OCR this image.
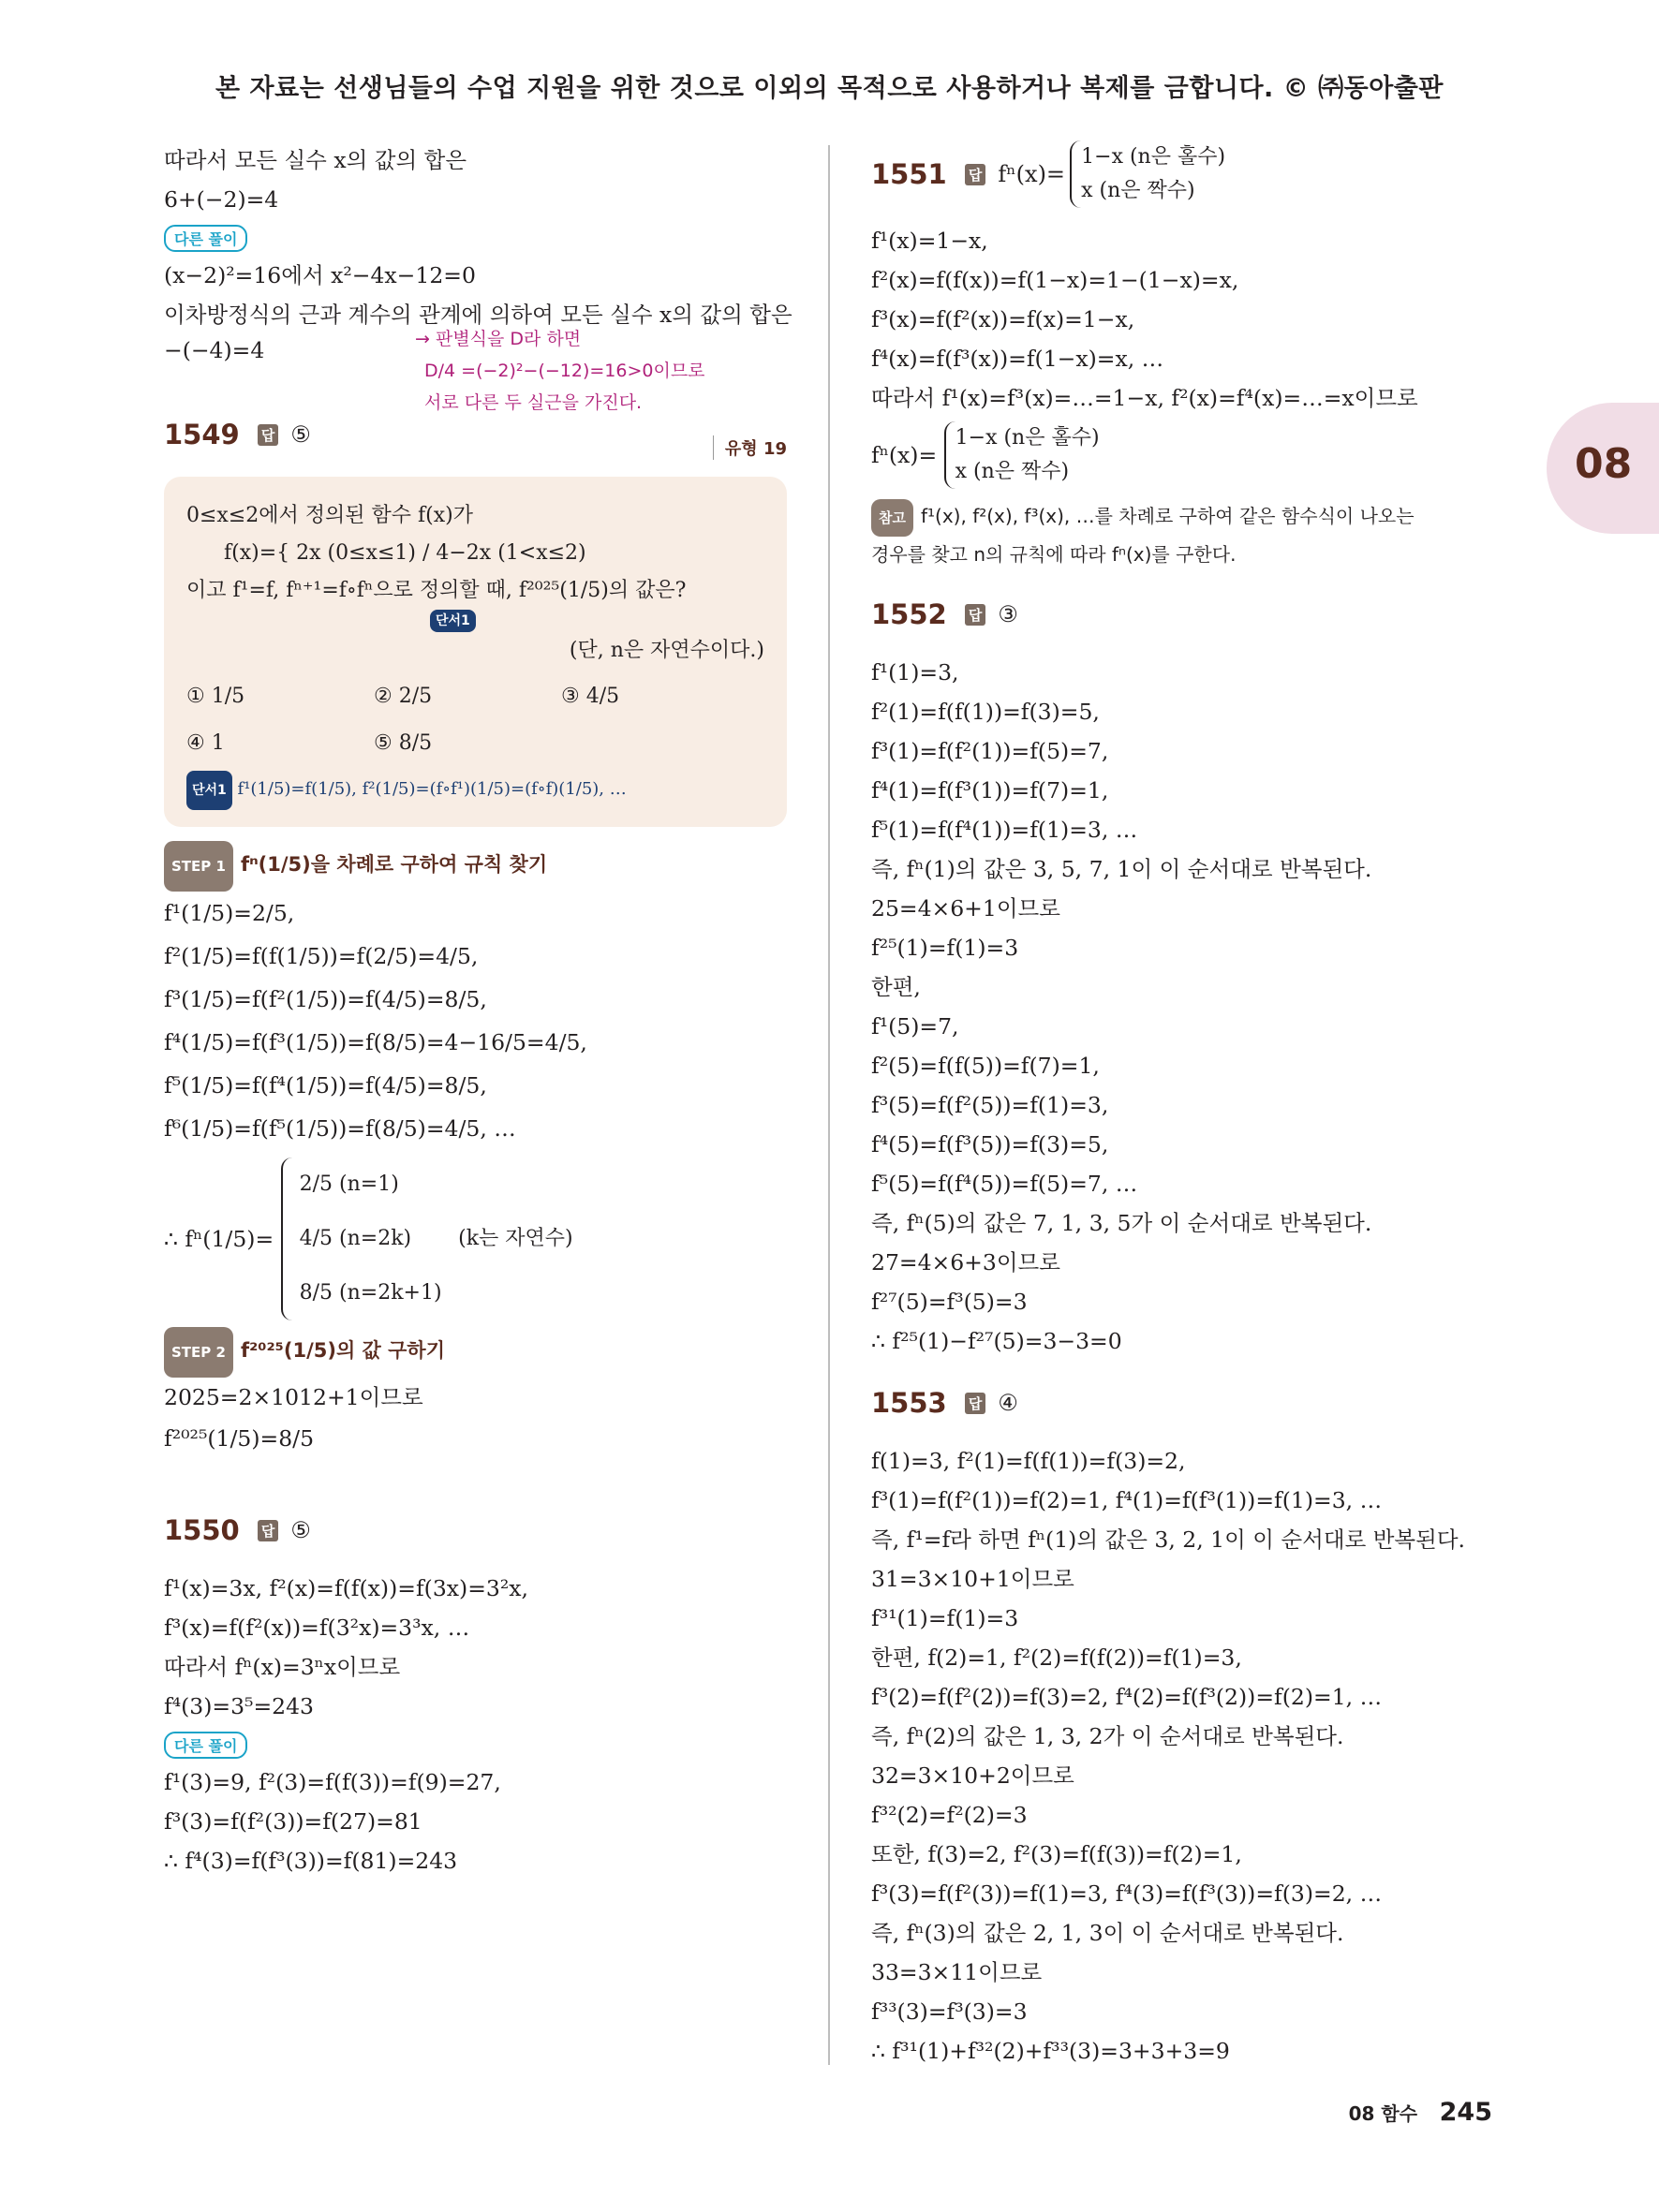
본 자료는 선생님들의 수업 지원을 위한 것으로 이외의 목적으로 사용하거나 복제를 금합니다. © ㈜동아출판
08
따라서 모든 실수 x의 값의 합은
6+(−2)=4
다른 풀이
(x−2)²=16에서 x²−4x−12=0
이차방정식의 근과 계수의 관계에 의하여 모든 실수 x의 값의 합은
−(−4)=4	→ 판별식을 D라 하면
D/4 =(−2)²−(−12)=16>0이므로
서로 다른 두 실근을 가진다.
1549 답 ⑤
유형 19
0≤x≤2에서 정의된 함수 f(x)가
f(x)={ 2x (0≤x≤1) / 4−2x (1<x≤2)
이고 f¹=f, fⁿ⁺¹=f∘fⁿ으로 정의할 때, f²⁰²⁵(1/5)의 값은?
단서1
(단, n은 자연수이다.)
① 1/5	② 2/5	③ 4/5
④ 1	⑤ 8/5
단서1 f¹(1/5)=f(1/5), f²(1/5)=(f∘f¹)(1/5)=(f∘f)(1/5), …
STEP 1 fⁿ(1/5)을 차례로 구하여 규칙 찾기
f¹(1/5)=2/5,
f²(1/5)=f(f(1/5))=f(2/5)=4/5,
f³(1/5)=f(f²(1/5))=f(4/5)=8/5,
f⁴(1/5)=f(f³(1/5))=f(8/5)=4−16/5=4/5,
f⁵(1/5)=f(f⁴(1/5))=f(4/5)=8/5,
f⁶(1/5)=f(f⁵(1/5))=f(8/5)=4/5, …
∴ fⁿ(1/5)=
2/5 (n=1)
4/5 (n=2k) (k는 자연수)
8/5 (n=2k+1)
STEP 2 f²⁰²⁵(1/5)의 값 구하기
2025=2×1012+1이므로
f²⁰²⁵(1/5)=8/5
1550 답 ⑤
f¹(x)=3x, f²(x)=f(f(x))=f(3x)=3²x,
f³(x)=f(f²(x))=f(3²x)=3³x, …
따라서 fⁿ(x)=3ⁿx이므로
f⁴(3)=3⁵=243
다른 풀이
f¹(3)=9, f²(3)=f(f(3))=f(9)=27,
f³(3)=f(f²(3))=f(27)=81
∴ f⁴(3)=f(f³(3))=f(81)=243
1551 답 fⁿ(x)=
1−x (n은 홀수)
x (n은 짝수)
f¹(x)=1−x,
f²(x)=f(f(x))=f(1−x)=1−(1−x)=x,
f³(x)=f(f²(x))=f(x)=1−x,
f⁴(x)=f(f³(x))=f(1−x)=x, …
따라서 f¹(x)=f³(x)=…=1−x, f²(x)=f⁴(x)=…=x이므로
fⁿ(x)=
1−x (n은 홀수)
x (n은 짝수)
참고 f¹(x), f²(x), f³(x), …를 차례로 구하여 같은 함수식이 나오는
경우를 찾고 n의 규칙에 따라 fⁿ(x)를 구한다.
1552 답 ③
f¹(1)=3,
f²(1)=f(f(1))=f(3)=5,
f³(1)=f(f²(1))=f(5)=7,
f⁴(1)=f(f³(1))=f(7)=1,
f⁵(1)=f(f⁴(1))=f(1)=3, …
즉, fⁿ(1)의 값은 3, 5, 7, 1이 이 순서대로 반복된다.
25=4×6+1이므로
f²⁵(1)=f(1)=3
한편,
f¹(5)=7,
f²(5)=f(f(5))=f(7)=1,
f³(5)=f(f²(5))=f(1)=3,
f⁴(5)=f(f³(5))=f(3)=5,
f⁵(5)=f(f⁴(5))=f(5)=7, …
즉, fⁿ(5)의 값은 7, 1, 3, 5가 이 순서대로 반복된다.
27=4×6+3이므로
f²⁷(5)=f³(5)=3
∴ f²⁵(1)−f²⁷(5)=3−3=0
1553 답 ④
f(1)=3, f²(1)=f(f(1))=f(3)=2,
f³(1)=f(f²(1))=f(2)=1, f⁴(1)=f(f³(1))=f(1)=3, …
즉, f¹=f라 하면 fⁿ(1)의 값은 3, 2, 1이 이 순서대로 반복된다.
31=3×10+1이므로
f³¹(1)=f(1)=3
한편, f(2)=1, f²(2)=f(f(2))=f(1)=3,
f³(2)=f(f²(2))=f(3)=2, f⁴(2)=f(f³(2))=f(2)=1, …
즉, fⁿ(2)의 값은 1, 3, 2가 이 순서대로 반복된다.
32=3×10+2이므로
f³²(2)=f²(2)=3
또한, f(3)=2, f²(3)=f(f(3))=f(2)=1,
f³(3)=f(f²(3))=f(1)=3, f⁴(3)=f(f³(3))=f(3)=2, …
즉, fⁿ(3)의 값은 2, 1, 3이 이 순서대로 반복된다.
33=3×11이므로
f³³(3)=f³(3)=3
∴ f³¹(1)+f³²(2)+f³³(3)=3+3+3=9
08 함수 245
